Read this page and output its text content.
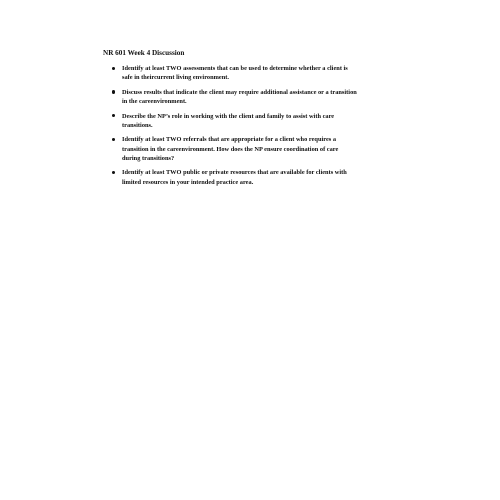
NR 601 Week 4 Discussion
Identify at least TWO assessments that can be used to determine whether a client is
safe in theircurrent living environment.
Discuss results that indicate the client may require additional assistance or a transition
in the careenvironment.
Describe the NP’s role in working with the client and family to assist with care
transitions.
Identify at least TWO referrals that are appropriate for a client who requires a
transition in the careenvironment. How does the NP ensure coordination of care
during transitions?
Identify at least TWO public or private resources that are available for clients with
limited resources in your intended practice area.
